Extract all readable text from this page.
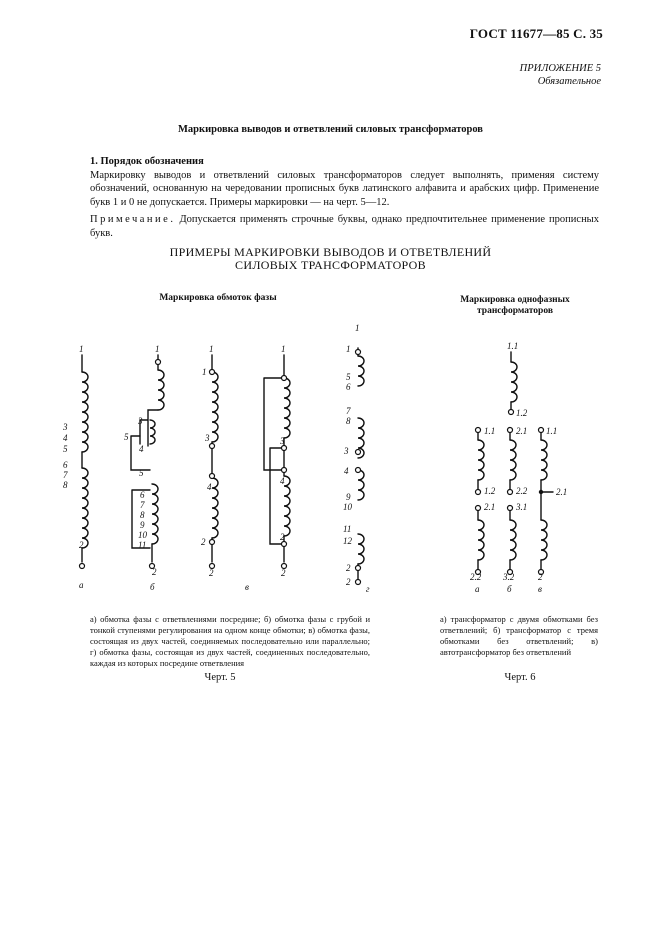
ГОСТ 11677—85 С. 35
ПРИЛОЖЕНИЕ 5
Обязательное
Маркировка выводов и ответвлений силовых трансформаторов
1. Порядок обозначения
Маркировку выводов и ответвлений силовых трансформаторов следует выполнять, применяя систему обозначений, основанную на чередовании прописных букв латинского алфавита и арабских цифр. Применение букв 1 и 0 не допускается. Примеры маркировки — на черт. 5—12.
Примечание. Допускается применять строчные буквы, однако предпочтительнее применение прописных букв.
ПРИМЕРЫ МАРКИРОВКИ ВЫВОДОВ И ОТВЕТВЛЕНИЙ
СИЛОВЫХ ТРАНСФОРМАТОРОВ
Маркировка обмоток фазы	Маркировка однофазных
трансформаторов
1
3
4
5
6
7
8
2
а
1
3
5
4
5
6
7
8
9
10
11
2
б
1
1
3
4
2
2
в
1
3
4
2
2
1
1
5
6
7
8
3
4
9
10
11
12
2
2
г
1.1
1.2
1.1
1.2
2.1
2.2
а
2.1
2.2
3.1
3.2
б
1.1
2.1
2
в
а) обмотка фазы с ответвлениями посредине; б) обмотка фазы с грубой и тонкой ступенями регулирования на одном конце обмотки; в) обмотка фазы, состоящая из двух частей, соединяемых последовательно или параллельно; г) обмотка фазы, состоящая из двух частей, соединенных последовательно, каждая из которых посредине ответвления
а) трансформатор с двумя обмотками без ответвлений; б) трансформатор с тремя обмотками без ответвлений; в) автотрансформатор без ответвлений
Черт. 5	Черт. 6
